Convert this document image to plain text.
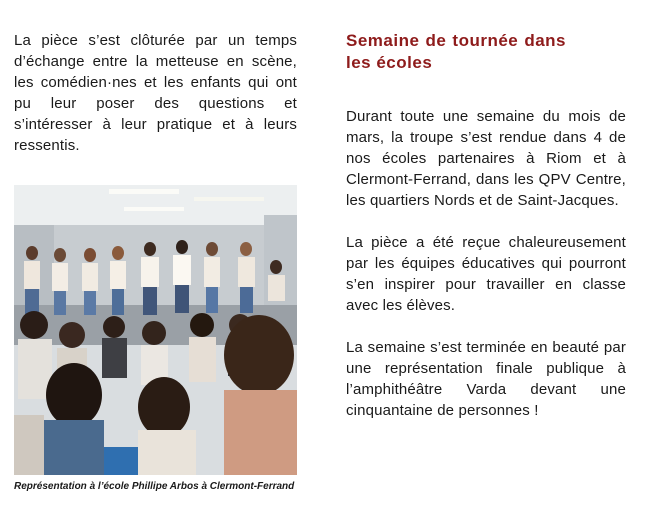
La pièce s’est clôturée par un temps d’échange entre la metteuse en scène, les comédien·nes et les enfants qui ont pu leur poser des questions et s’intéresser à leur pratique et à leurs ressentis.

Représentation à l’école Phillipe Arbos à Clermont-Ferrand
Semaine de tournée dans les écoles

Durant toute une semaine du mois de mars, la troupe s’est rendue dans 4 de nos écoles partenaires à Riom et à Clermont-Ferrand, dans les QPV Centre, les quartiers Nords et de Saint-Jacques.

La pièce a été reçue chaleureusement par les équipes éducatives qui pourront s’en inspirer pour travailler en classe avec les élèves.

La semaine s’est terminée en beauté par une représentation finale publique à l’amphithéâtre Varda devant une cinquantaine de personnes !
